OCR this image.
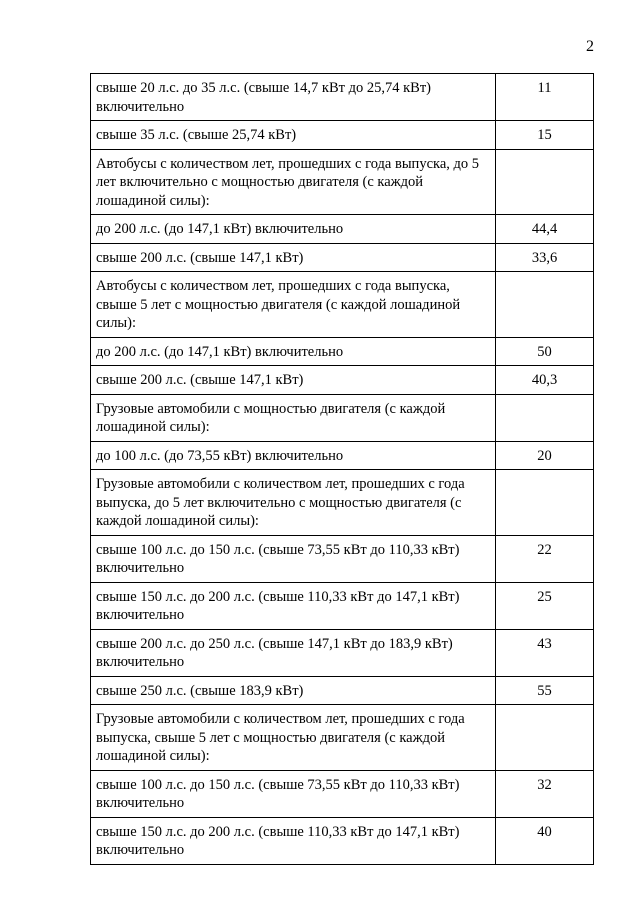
2
свыше 20 л.с. до 35 л.с. (свыше 14,7 кВт до 25,74 кВт) включительно	11
свыше 35 л.с. (свыше 25,74 кВт)	15
Автобусы с количеством лет, прошедших с года выпуска, до 5 лет включительно с мощностью двигателя (с каждой лошадиной силы):	
до 200 л.с. (до 147,1 кВт) включительно	44,4
свыше 200 л.с. (свыше 147,1 кВт)	33,6
Автобусы с количеством лет, прошедших с года выпуска, свыше 5 лет с мощностью двигателя (с каждой лошадиной силы):	
до 200 л.с. (до 147,1 кВт) включительно	50
свыше 200 л.с. (свыше 147,1 кВт)	40,3
Грузовые автомобили с мощностью двигателя (с каждой лошадиной силы):	
до 100 л.с. (до 73,55 кВт) включительно	20
Грузовые автомобили с количеством лет, прошедших с года выпуска, до 5 лет включительно с мощностью двигателя (с каждой лошадиной силы):	
свыше 100 л.с. до 150 л.с. (свыше 73,55 кВт до 110,33 кВт) включительно	22
свыше 150 л.с. до 200 л.с. (свыше 110,33 кВт до 147,1 кВт) включительно	25
свыше 200 л.с. до 250 л.с. (свыше 147,1 кВт до 183,9 кВт) включительно	43
свыше 250 л.с. (свыше 183,9 кВт)	55
Грузовые автомобили с количеством лет, прошедших с года выпуска, свыше 5 лет с мощностью двигателя (с каждой лошадиной силы):	
свыше 100 л.с. до 150 л.с. (свыше 73,55 кВт до 110,33 кВт) включительно	32
свыше 150 л.с. до 200 л.с. (свыше 110,33 кВт до 147,1 кВт) включительно	40
